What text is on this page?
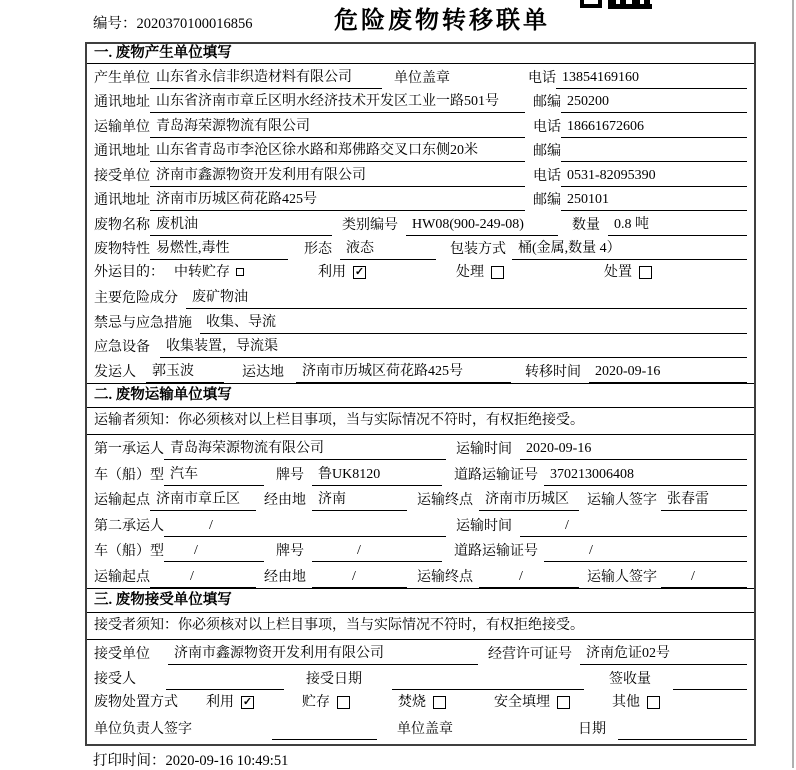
编号：2020370100016856	危险废物转移联单
一. 废物产生单位填写
产生单位 山东省永信非织造材料有限公司	单位盖章	电话 13854169160
通讯地址 山东省济南市章丘区明水经济技术开发区工业一路501号	邮编 250200
运输单位 青岛海荣源物流有限公司	电话 18661672606
通讯地址 山东省青岛市李沧区徐水路和郑佛路交叉口东侧20米	邮编
接受单位 济南市鑫源物资开发利用有限公司	电话 0531-82095390
通讯地址 济南市历城区荷花路425号	邮编 250101
废物名称 废机油	类别编号	HW08(900-249-08)	数量	0.8 吨
废物特性 易燃性,毒性	形态	液态	包装方式 桶(金属,数量 4）
外运目的： 中转贮存	利用 ✓	处理	处置
主要危险成分	废矿物油
禁忌与应急措施	收集、导流
应急设备	收集装置，导流渠
发运人	郭玉波	运达地	济南市历城区荷花路425号	转移时间	2020-09-16
二. 废物运输单位填写
运输者须知：你必须核对以上栏目事项，当与实际情况不符时，有权拒绝接受。
第一承运人 青岛海荣源物流有限公司	运输时间	2020-09-16
车（船）型 汽车	牌号	鲁UK8120	道路运输证号 370213006408
运输起点 济南市章丘区	经由地 济南	运输终点 济南市历城区	运输人签字 张春雷
第二承运人	/	运输时间	/
车（船）型	/	牌号	/	道路运输证号	/
运输起点	/	经由地	/	运输终点	/	运输人签字	/
三. 废物接受单位填写
接受者须知：你必须核对以上栏目事项，当与实际情况不符时，有权拒绝接受。
接受单位	济南市鑫源物资开发利用有限公司	经营许可证号	济南危证02号
接受人	接受日期	签收量
废物处置方式 利用 ✓	贮存	焚烧	安全填埋	其他
单位负责人签字	单位盖章	日期
打印时间：2020-09-16 10:49:51
